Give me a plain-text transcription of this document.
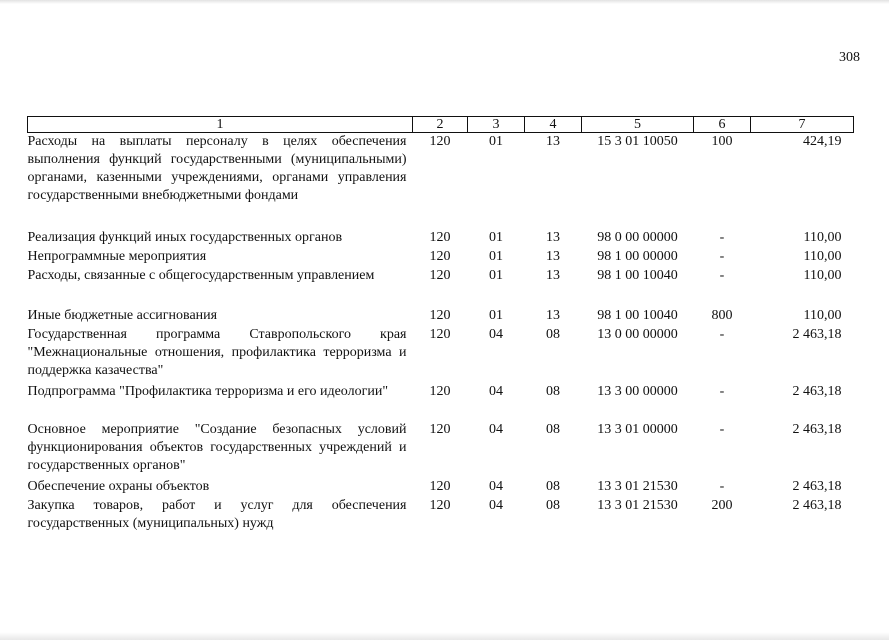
308
1	2	3	4	5	6	7
Расходы на выплаты персоналу в целях обеспечения выполнения функций государственными (муниципальными) органами, казенными учреждениями, органами управления государственными внебюджетными фондами	120	01	13	15 3 01 10050	100	424,19
Реализация функций иных государственных органов	120	01	13	98 0 00 00000	-	110,00
Непрограммные мероприятия	120	01	13	98 1 00 00000	-	110,00
Расходы, связанные с общегосударственным управлением	120	01	13	98 1 00 10040	-	110,00
Иные бюджетные ассигнования	120	01	13	98 1 00 10040	800	110,00
Государственная программа Ставропольского края "Межнациональные отношения, профилактика терроризма и поддержка казачества"	120	04	08	13 0 00 00000	-	2 463,18
Подпрограмма "Профилактика терроризма и его идеологии"	120	04	08	13 3 00 00000	-	2 463,18
Основное мероприятие "Создание безопасных условий функционирования объектов государственных учреждений и государственных органов"	120	04	08	13 3 01 00000	-	2 463,18
Обеспечение охраны объектов	120	04	08	13 3 01 21530	-	2 463,18
Закупка товаров, работ и услуг для обеспечения государственных (муниципальных) нужд	120	04	08	13 3 01 21530	200	2 463,18
